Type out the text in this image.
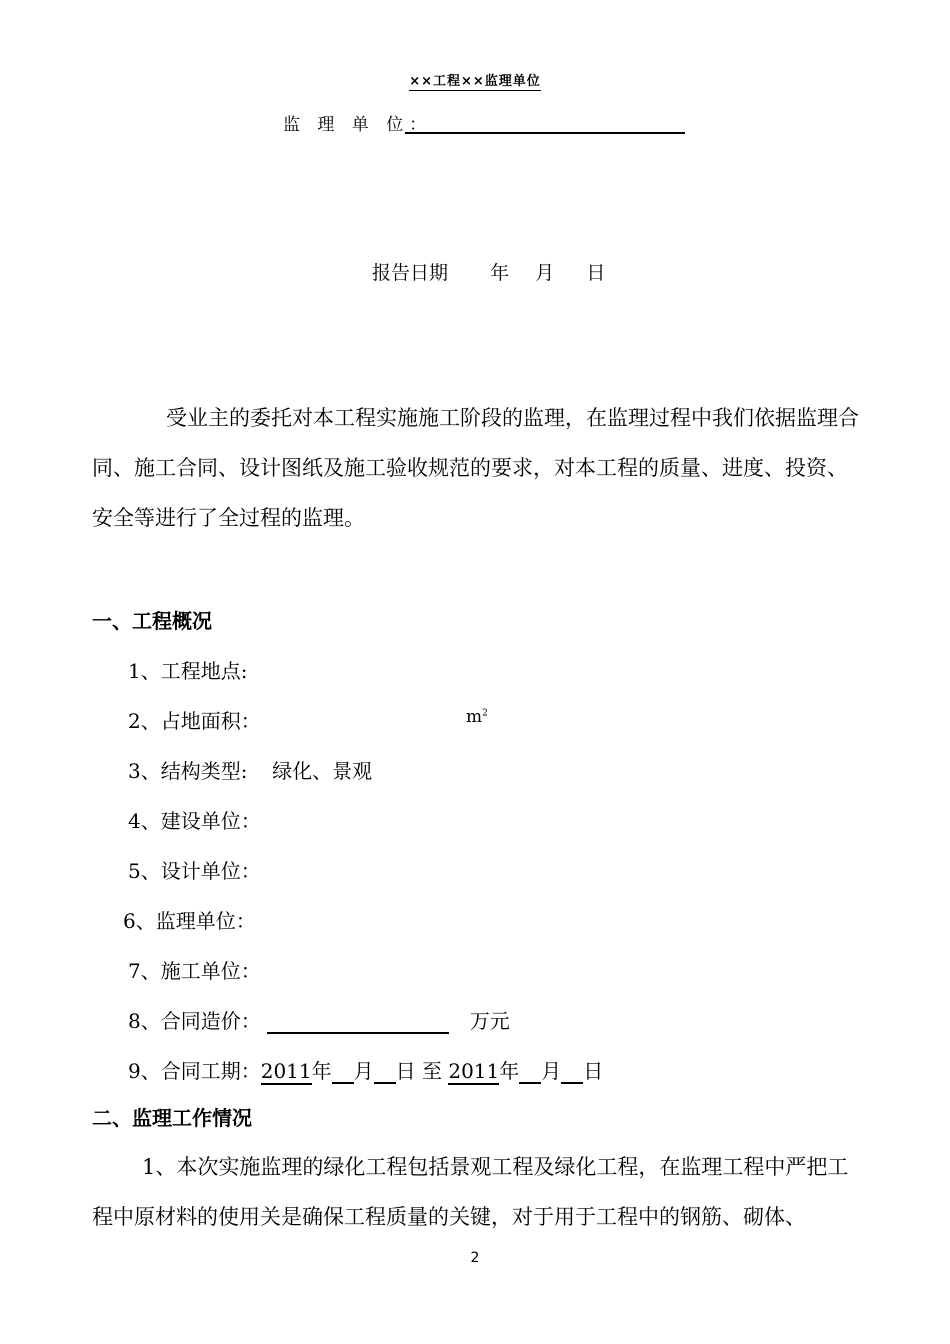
××工程××监理单位
监 理 单 位：
报告日期 年 月 日
受业主的委托对本工程实施施工阶段的监理，在监理过程中我们依据监理合同、施工合同、设计图纸及施工验收规范的要求，对本工程的质量、进度、投资、安全等进行了全过程的监理。
一、工程概况
1、工程地点:
2、占地面积：	$m^2$
3、结构类型: 绿化、景观
4、建设单位：
5、设计单位：
6、监理单位：
7、施工单位：
8、合同造价：	万元
9、合同工期：2011年 月 日 至 2011年 月 日
二、监理工作情况
1、本次实施监理的绿化工程包括景观工程及绿化工程，在监理工程中严把工程中原材料的使用关是确保工程质量的关键，对于用于工程中的钢筋、砌体、
2
